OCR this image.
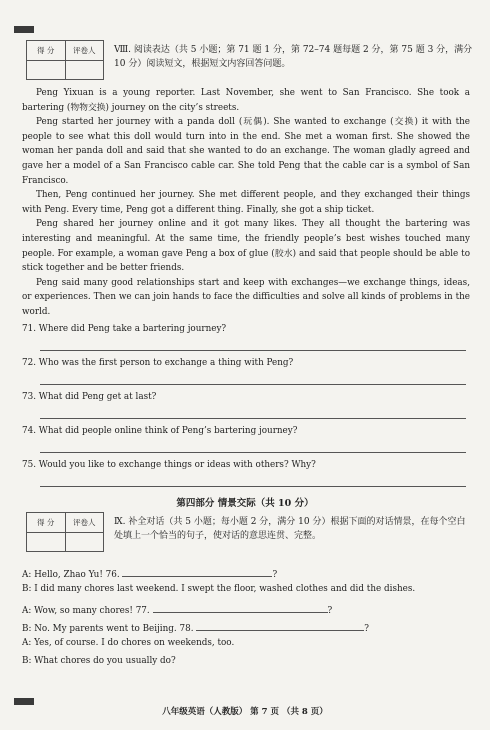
得 分	评卷人	Ⅷ. 阅读表达（共 5 小题；第 71 题 1 分，第 72–74 题每题 2 分，第 75 题 3 分，满分 10 分）阅读短文，根据短文内容回答问题。

Peng Yixuan is a young reporter. Last November, she went to San Francisco. She took a bartering (物物交换) journey on the city’s streets.

Peng started her journey with a panda doll (玩偶). She wanted to exchange (交换) it with the people to see what this doll would turn into in the end. She met a woman first. She showed the woman her panda doll and said that she wanted to do an exchange. The woman gladly agreed and gave her a model of a San Francisco cable car. She told Peng that the cable car is a symbol of San Francisco.

Then, Peng continued her journey. She met different people, and they exchanged their things with Peng. Every time, Peng got a different thing. Finally, she got a ship ticket.

Peng shared her journey online and it got many likes. They all thought the bartering was interesting and meaningful. At the same time, the friendly people’s best wishes touched many people. For example, a woman gave Peng a box of glue (胶水) and said that people should be able to stick together and be better friends.

Peng said many good relationships start and keep with exchanges—we exchange things, ideas, or experiences. Then we can join hands to face the difficulties and solve all kinds of problems in the world.

71. Where did Peng take a bartering journey?
72. Who was the first person to exchange a thing with Peng?
73. What did Peng get at last?
74. What did people online think of Peng’s bartering journey?
75. Would you like to exchange things or ideas with others? Why?
第四部分 情景交际（共 10 分）
得 分	评卷人	Ⅸ. 补全对话（共 5 小题；每小题 2 分，满分 10 分）根据下面的对话情景，在每个空白处填上一个恰当的句子，使对话的意思连贯、完整。
A: Hello, Zhao Yu! 76.	?
B: I did many chores last weekend. I swept the floor, washed clothes and did the dishes.
A: Wow, so many chores! 77.	?
B: No. My parents went to Beijing. 78.	?
A: Yes, of course. I do chores on weekends, too.
B: What chores do you usually do?
八年级英语（人教版） 第 7 页 （共 8 页）
